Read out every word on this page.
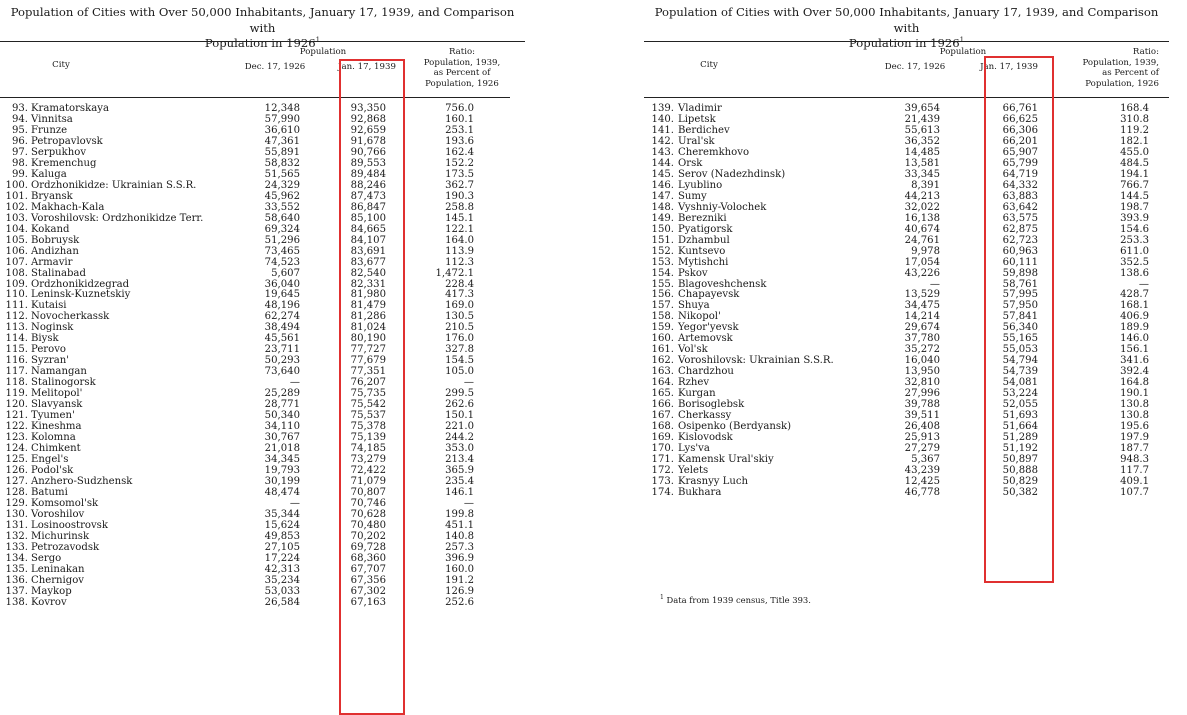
Population of Cities with Over 50,000 Inhabitants, January 17, 1939, and Comparison with
Population in 1926$^1$
City
Population
Dec. 17, 1926	Jan. 17, 1939
Ratio:
Population, 1939,
as Percent of
Population, 1926
93. Kramatorskaya	12,348	93,350	756.0
94. Vinnitsa	57,990	92,868	160.1
95. Frunze	36,610	92,659	253.1
96. Petropavlovsk	47,361	91,678	193.6
97. Serpukhov	55,891	90,766	162.4
98. Kremenchug	58,832	89,553	152.2
99. Kaluga	51,565	89,484	173.5
100. Ordzhonikidze: Ukrainian S.S.R.	24,329	88,246	362.7
101. Bryansk	45,962	87,473	190.3
102. Makhach-Kala	33,552	86,847	258.8
103. Voroshilovsk: Ordzhonikidze Terr.	58,640	85,100	145.1
104. Kokand	69,324	84,665	122.1
105. Bobruysk	51,296	84,107	164.0
106. Andizhan	73,465	83,691	113.9
107. Armavir	74,523	83,677	112.3
108. Stalinabad	5,607	82,540	1,472.1
109. Ordzhonikidzegrad	36,040	82,331	228.4
110. Leninsk-Kuznetskiy	19,645	81,980	417.3
111. Kutaisi	48,196	81,479	169.0
112. Novocherkassk	62,274	81,286	130.5
113. Noginsk	38,494	81,024	210.5
114. Biysk	45,561	80,190	176.0
115. Perovo	23,711	77,727	327.8
116. Syzran'	50,293	77,679	154.5
117. Namangan	73,640	77,351	105.0
118. Stalinogorsk	—	76,207	—
119. Melitopol'	25,289	75,735	299.5
120. Slavyansk	28,771	75,542	262.6
121. Tyumen'	50,340	75,537	150.1
122. Kineshma	34,110	75,378	221.0
123. Kolomna	30,767	75,139	244.2
124. Chimkent	21,018	74,185	353.0
125. Engel's	34,345	73,279	213.4
126. Podol'sk	19,793	72,422	365.9
127. Anzhero-Sudzhensk	30,199	71,079	235.4
128. Batumi	48,474	70,807	146.1
129. Komsomol'sk	—	70,746	—
130. Voroshilov	35,344	70,628	199.8
131. Losinoostrovsk	15,624	70,480	451.1
132. Michurinsk	49,853	70,202	140.8
133. Petrozavodsk	27,105	69,728	257.3
134. Sergo	17,224	68,360	396.9
135. Leninakan	42,313	67,707	160.0
136. Chernigov	35,234	67,356	191.2
137. Maykop	53,033	67,302	126.9
138. Kovrov	26,584	67,163	252.6
Population of Cities with Over 50,000 Inhabitants, January 17, 1939, and Comparison with
Population in 1926$^1$
City
Population
Dec. 17, 1926	Jan. 17, 1939
Ratio:
Population, 1939,
as Percent of
Population, 1926
139. Vladimir	39,654	66,761	168.4
140. Lipetsk	21,439	66,625	310.8
141. Berdichev	55,613	66,306	119.2
142. Ural'sk	36,352	66,201	182.1
143. Cheremkhovo	14,485	65,907	455.0
144. Orsk	13,581	65,799	484.5
145. Serov (Nadezhdinsk)	33,345	64,719	194.1
146. Lyublino	8,391	64,332	766.7
147. Sumy	44,213	63,883	144.5
148. Vyshniy-Volochek	32,022	63,642	198.7
149. Berezniki	16,138	63,575	393.9
150. Pyatigorsk	40,674	62,875	154.6
151. Dzhambul	24,761	62,723	253.3
152. Kuntsevo	9,978	60,963	611.0
153. Mytishchi	17,054	60,111	352.5
154. Pskov	43,226	59,898	138.6
155. Blagoveshchensk	—	58,761	—
156. Chapayevsk	13,529	57,995	428.7
157. Shuya	34,475	57,950	168.1
158. Nikopol'	14,214	57,841	406.9
159. Yegor'yevsk	29,674	56,340	189.9
160. Artemovsk	37,780	55,165	146.0
161. Vol'sk	35,272	55,053	156.1
162. Voroshilovsk: Ukrainian S.S.R.	16,040	54,794	341.6
163. Chardzhou	13,950	54,739	392.4
164. Rzhev	32,810	54,081	164.8
165. Kurgan	27,996	53,224	190.1
166. Borisoglebsk	39,788	52,055	130.8
167. Cherkassy	39,511	51,693	130.8
168. Osipenko (Berdyansk)	26,408	51,664	195.6
169. Kislovodsk	25,913	51,289	197.9
170. Lys'va	27,279	51,192	187.7
171. Kamensk Ural'skiy	5,367	50,897	948.3
172. Yelets	43,239	50,888	117.7
173. Krasnyy Luch	12,425	50,829	409.1
174. Bukhara	46,778	50,382	107.7
$^1$ Data from 1939 census, Title 393.
